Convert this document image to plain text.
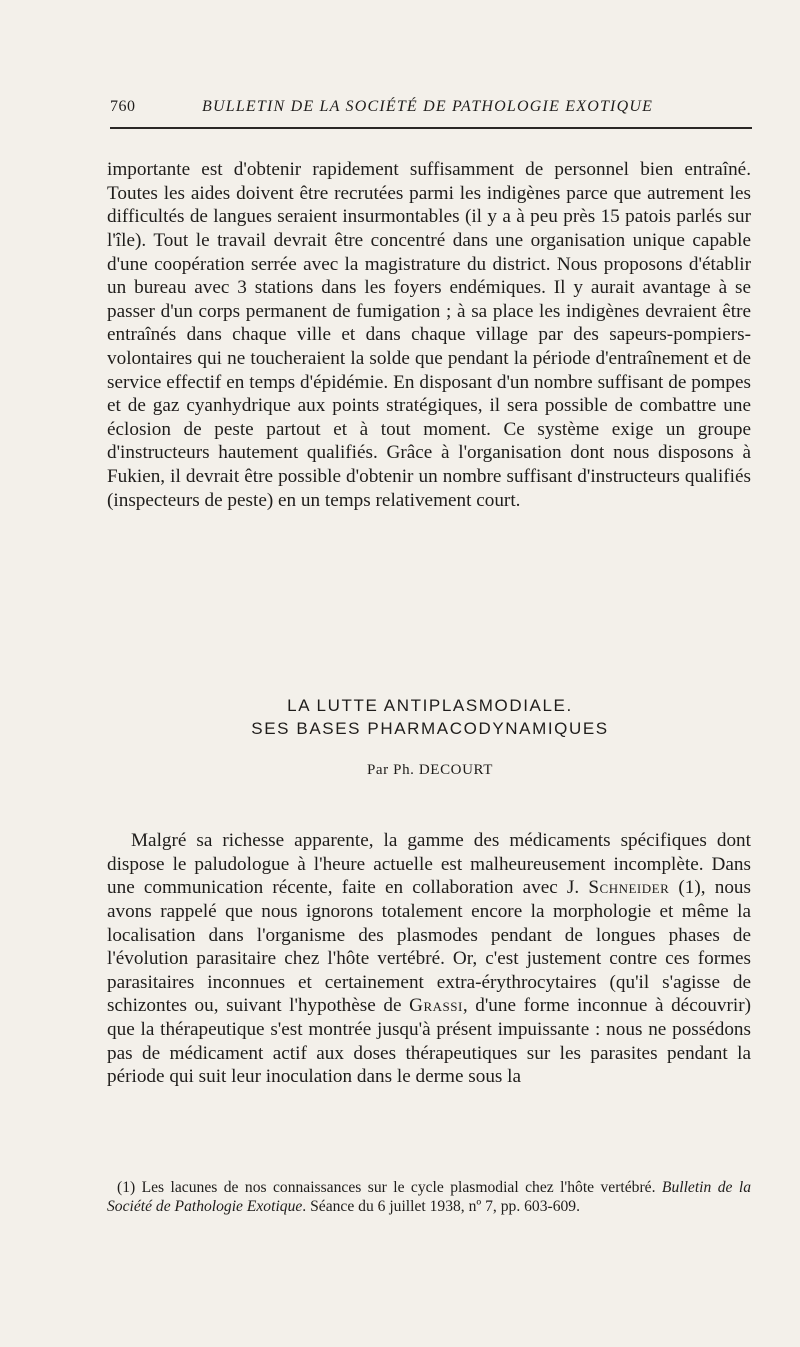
760	BULLETIN DE LA SOCIÉTÉ DE PATHOLOGIE EXOTIQUE

importante est d'obtenir rapidement suffisamment de personnel bien entraîné. Toutes les aides doivent être recrutées parmi les indigènes parce que autrement les difficultés de langues seraient insurmontables (il y a à peu près 15 patois parlés sur l'île). Tout le travail devrait être concentré dans une organisation unique capable d'une coopération serrée avec la magistrature du district. Nous proposons d'établir un bureau avec 3 stations dans les foyers endémiques. Il y aurait avantage à se passer d'un corps permanent de fumigation ; à sa place les indigènes devraient être entraînés dans chaque ville et dans chaque village par des sapeurs-pompiers-volontaires qui ne toucheraient la solde que pendant la période d'entraînement et de service effectif en temps d'épidémie. En disposant d'un nombre suffisant de pompes et de gaz cyanhydrique aux points stratégiques, il sera possible de combattre une éclosion de peste partout et à tout moment. Ce système exige un groupe d'instructeurs hautement qualifiés. Grâce à l'organisation dont nous disposons à Fukien, il devrait être possible d'obtenir un nombre suffisant d'instructeurs qualifiés (inspecteurs de peste) en un temps relativement court.

LA LUTTE ANTIPLASMODIALE.
SES BASES PHARMACODYNAMIQUES
Par Ph. DECOURT

Malgré sa richesse apparente, la gamme des médicaments spécifiques dont dispose le paludologue à l'heure actuelle est malheureusement incomplète. Dans une communication récente, faite en collaboration avec J. Schneider (1), nous avons rappelé que nous ignorons totalement encore la morphologie et même la localisation dans l'organisme des plasmodes pendant de longues phases de l'évolution parasitaire chez l'hôte vertébré. Or, c'est justement contre ces formes parasitaires inconnues et certainement extra-érythrocytaires (qu'il s'agisse de schizontes ou, suivant l'hypothèse de Grassi, d'une forme inconnue à découvrir) que la thérapeutique s'est montrée jusqu'à présent impuissante : nous ne possédons pas de médicament actif aux doses thérapeutiques sur les parasites pendant la période qui suit leur inoculation dans le derme sous la

(1) Les lacunes de nos connaissances sur le cycle plasmodial chez l'hôte vertébré. Bulletin de la Société de Pathologie Exotique. Séance du 6 juillet 1938, nº 7, pp. 603-609.
